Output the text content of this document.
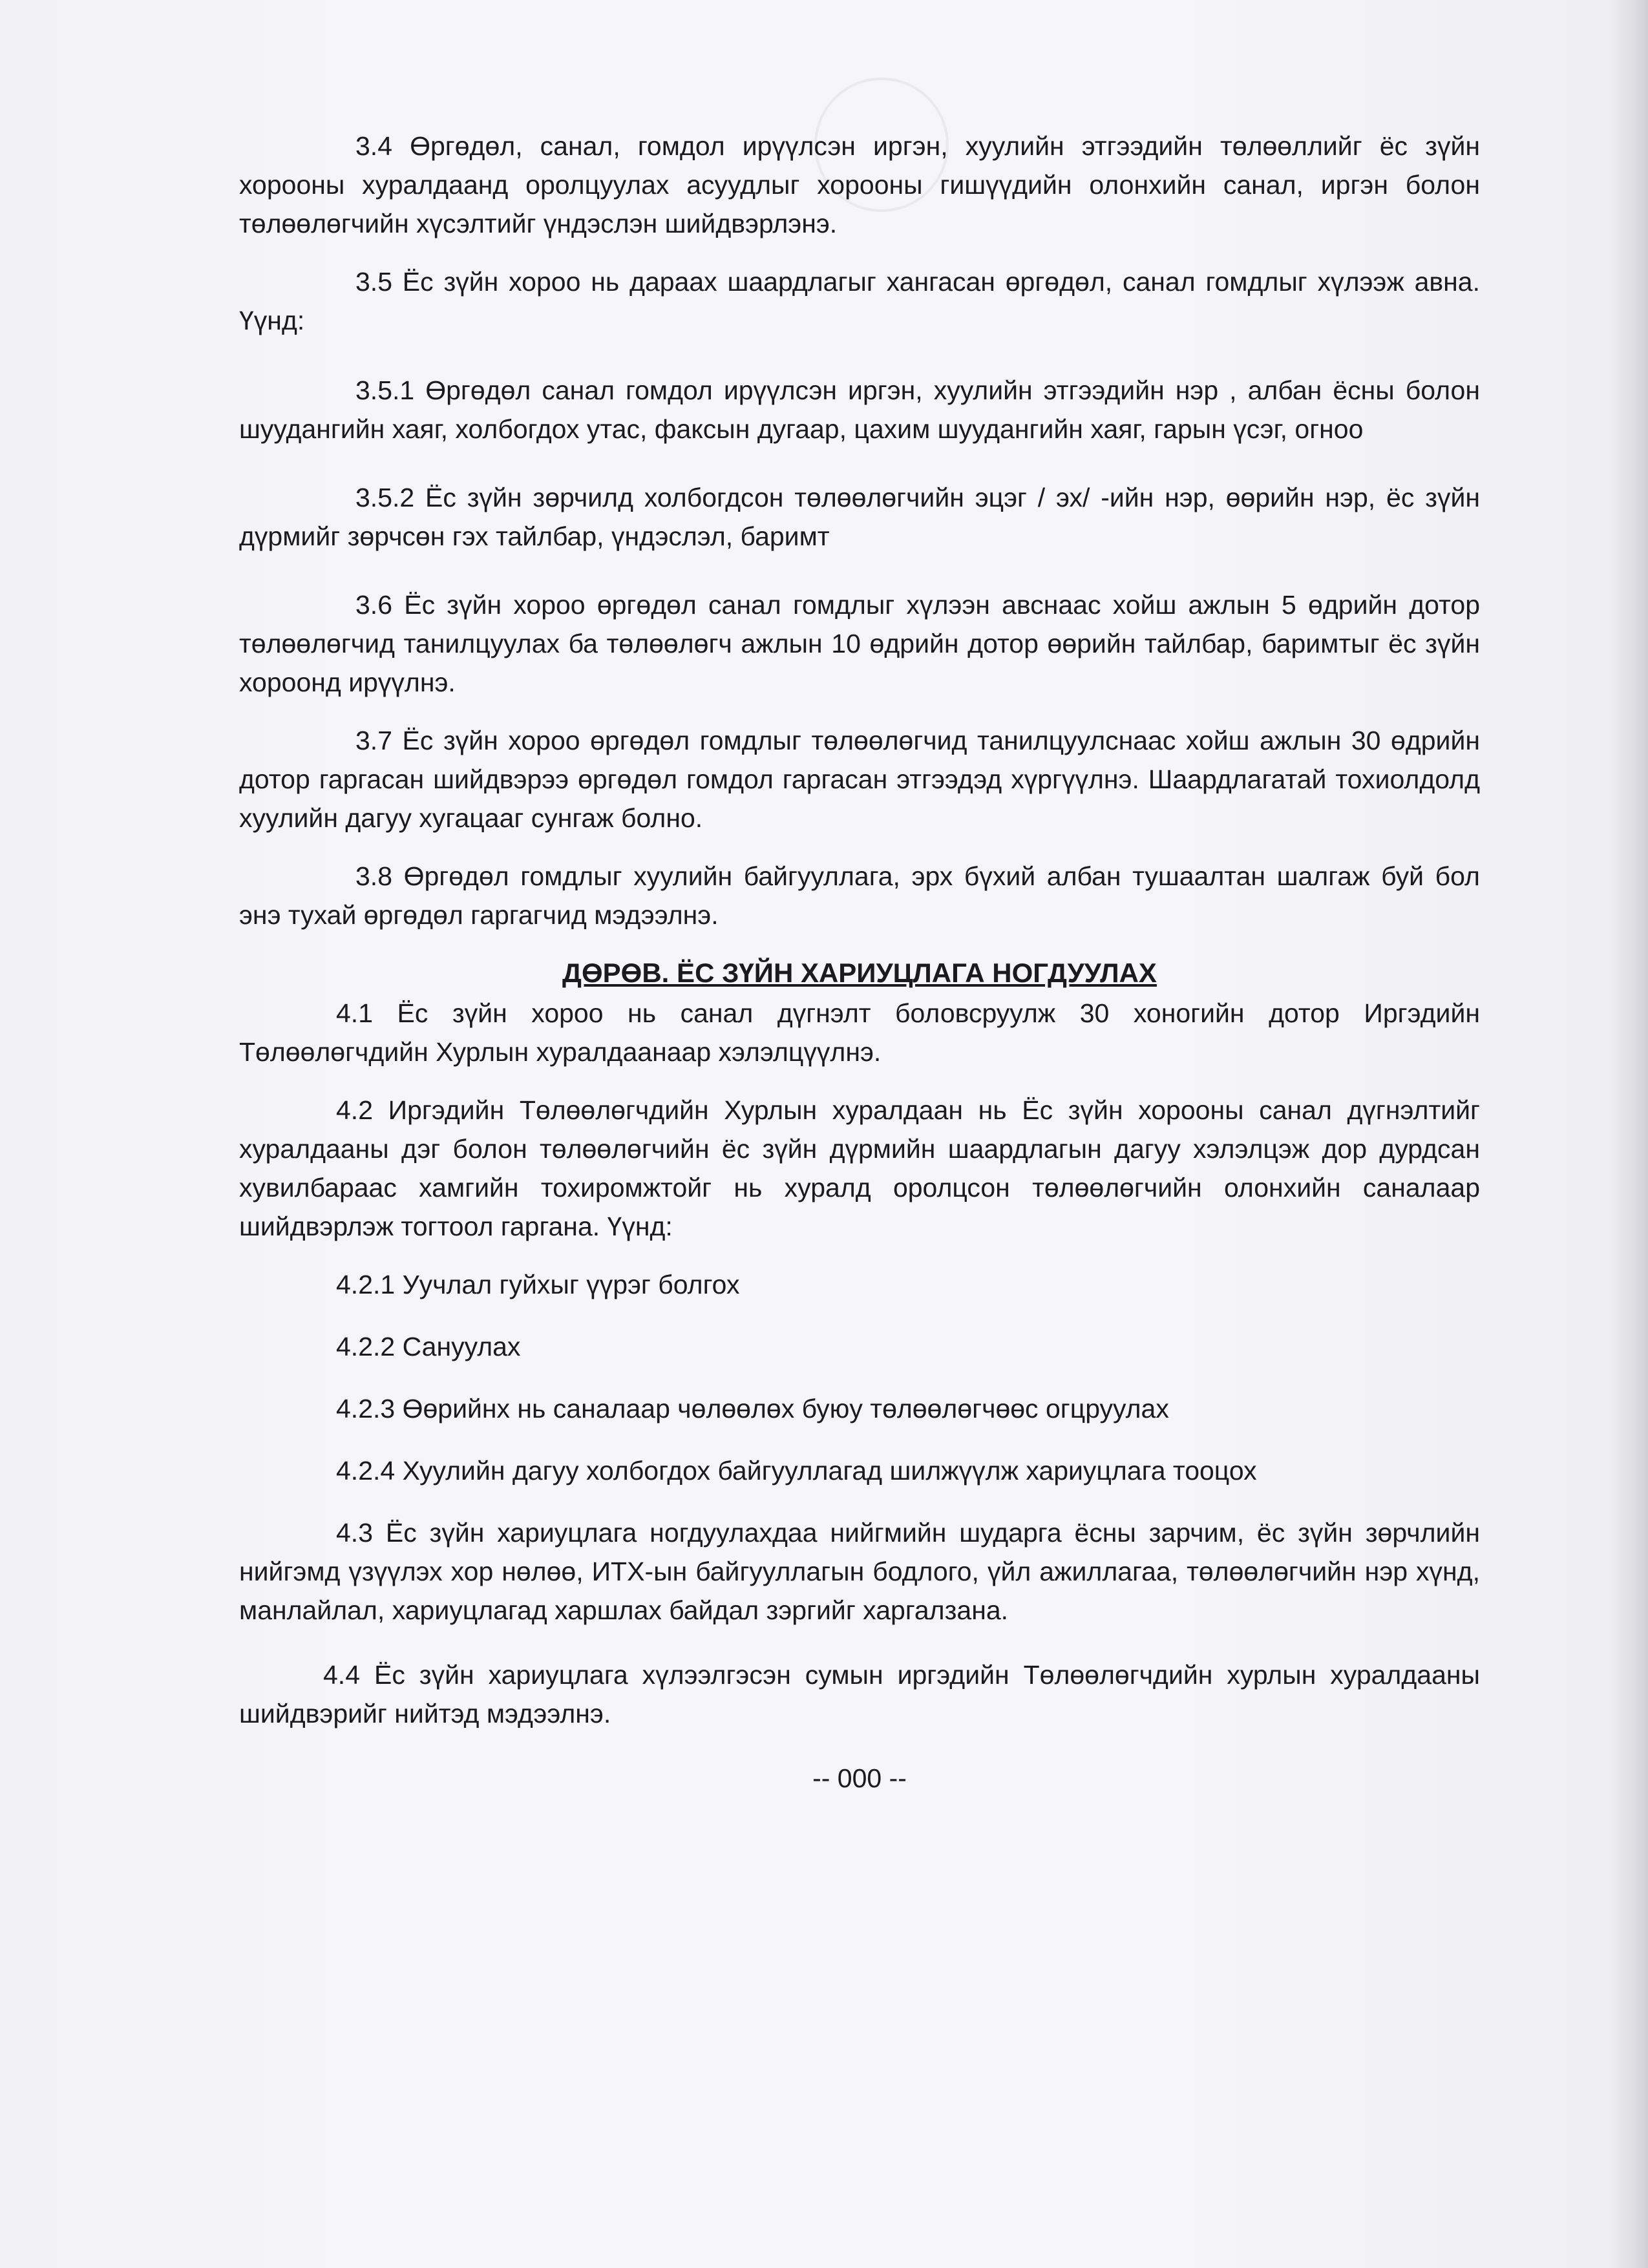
3.4 Өргөдөл, санал, гомдол ирүүлсэн иргэн, хуулийн этгээдийн төлөөллийг ёс зүйн хорооны хуралдаанд оролцуулах асуудлыг хорооны гишүүдийн олонхийн санал, иргэн болон төлөөлөгчийн хүсэлтийг үндэслэн шийдвэрлэнэ.

3.5 Ёс зүйн хороо нь дараах шаардлагыг хангасан өргөдөл, санал гомдлыг хүлээж авна. Үүнд:

3.5.1 Өргөдөл санал гомдол ирүүлсэн иргэн, хуулийн этгээдийн нэр , албан ёсны болон шуудангийн хаяг, холбогдох утас, факсын дугаар, цахим шуудангийн хаяг, гарын үсэг, огноо

3.5.2 Ёс зүйн зөрчилд холбогдсон төлөөлөгчийн эцэг / эх/ -ийн нэр, өөрийн нэр, ёс зүйн дүрмийг зөрчсөн гэх тайлбар, үндэслэл, баримт

3.6 Ёс зүйн хороо өргөдөл санал гомдлыг хүлээн авснаас хойш ажлын 5 өдрийн дотор төлөөлөгчид танилцуулах ба төлөөлөгч ажлын 10 өдрийн дотор өөрийн тайлбар, баримтыг ёс зүйн хороонд ирүүлнэ.

3.7 Ёс зүйн хороо өргөдөл гомдлыг төлөөлөгчид танилцуулснаас хойш ажлын 30 өдрийн дотор гаргасан шийдвэрээ өргөдөл гомдол гаргасан этгээдэд хүргүүлнэ. Шаардлагатай тохиолдолд хуулийн дагуу хугацааг сунгаж болно.

3.8 Өргөдөл гомдлыг хуулийн байгууллага, эрх бүхий албан тушаалтан шалгаж буй бол энэ тухай өргөдөл гаргагчид мэдээлнэ.

ДӨРӨВ. ЁС ЗҮЙН ХАРИУЦЛАГА НОГДУУЛАХ

4.1 Ёс зүйн хороо нь санал дүгнэлт боловсруулж 30 хоногийн дотор Иргэдийн Төлөөлөгчдийн Хурлын хуралдаанаар хэлэлцүүлнэ.

4.2 Иргэдийн Төлөөлөгчдийн Хурлын хуралдаан нь Ёс зүйн хорооны санал дүгнэлтийг хуралдааны дэг болон төлөөлөгчийн ёс зүйн дүрмийн шаардлагын дагуу хэлэлцэж дор дурдсан хувилбараас хамгийн тохиромжтойг нь хуралд оролцсон төлөөлөгчийн олонхийн саналаар шийдвэрлэж тогтоол гаргана. Үүнд:

4.2.1 Уучлал гуйхыг үүрэг болгох

4.2.2 Сануулах

4.2.3 Өөрийнх нь саналаар чөлөөлөх буюу төлөөлөгчөөс огцруулах

4.2.4 Хуулийн дагуу холбогдох байгууллагад шилжүүлж хариуцлага тооцох

4.3 Ёс зүйн хариуцлага ногдуулахдаа нийгмийн шударга ёсны зарчим, ёс зүйн зөрчлийн нийгэмд үзүүлэх хор нөлөө, ИТХ-ын байгууллагын бодлого, үйл ажиллагаа, төлөөлөгчийн нэр хүнд, манлайлал, хариуцлагад харшлах байдал зэргийг харгалзана.

4.4 Ёс зүйн хариуцлага хүлээлгэсэн сумын иргэдийн Төлөөлөгчдийн хурлын хуралдааны шийдвэрийг нийтэд мэдээлнэ.

-- 000 --
